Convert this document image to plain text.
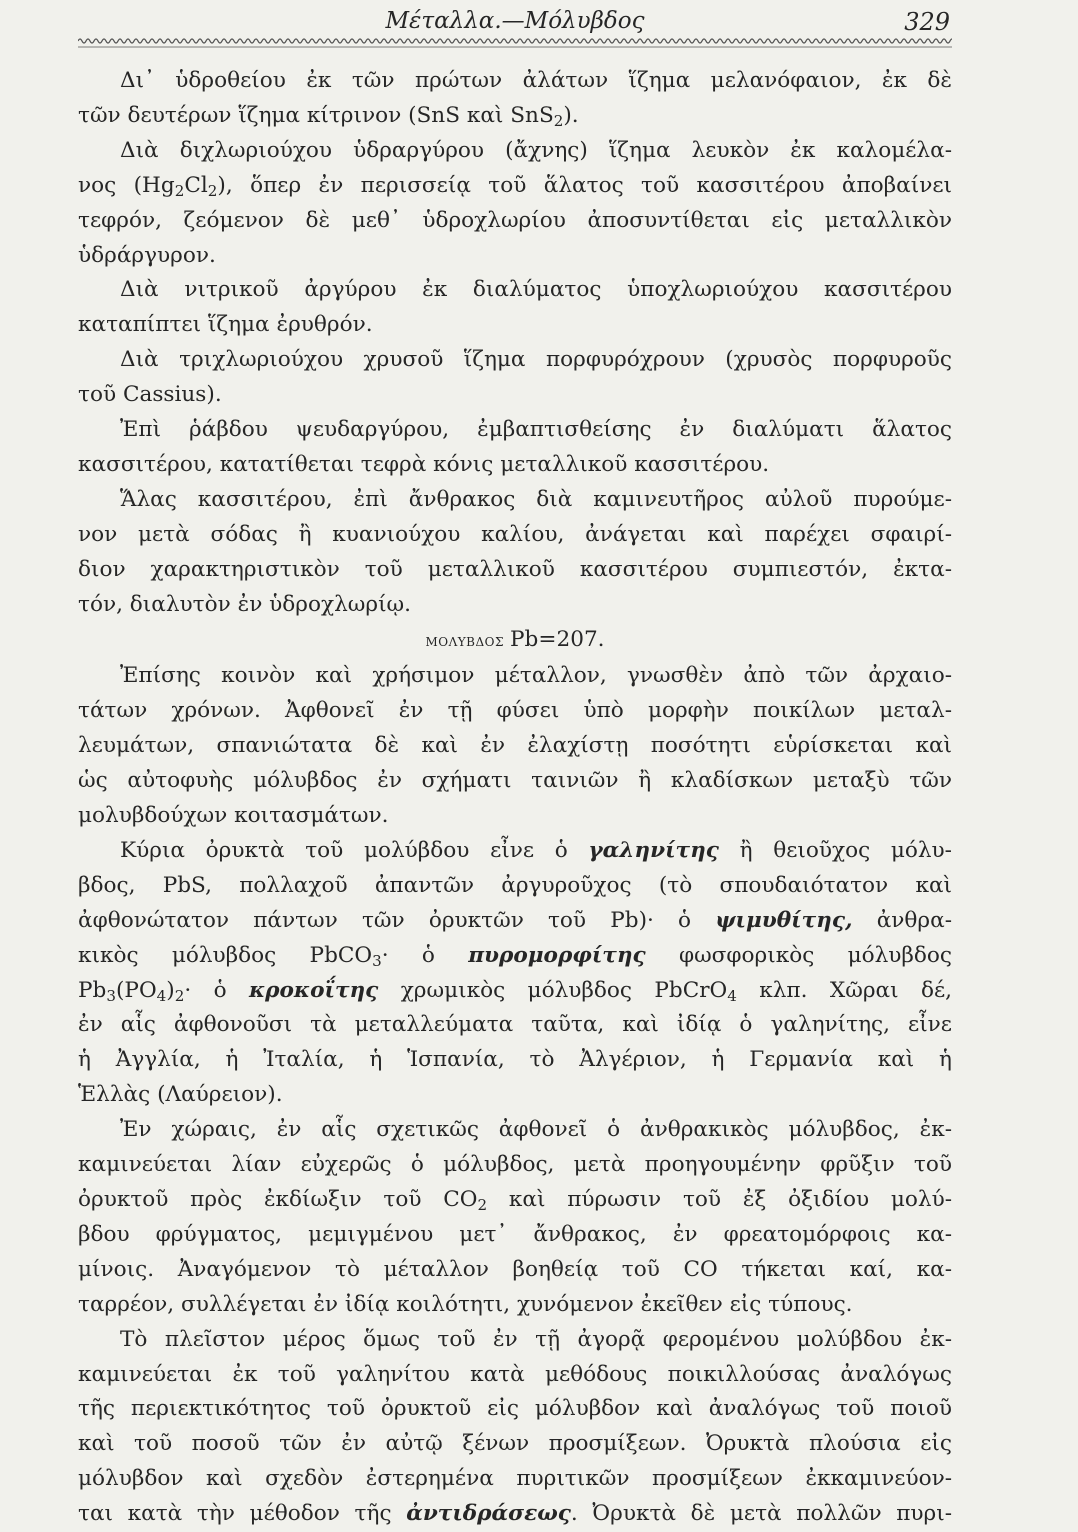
Μέταλλα.—Μόλυβδος	329

Δι᾽ ὑδροθείου ἐκ τῶν πρώτων ἀλάτων ἵζημα μελανόφαιον, ἐκ δὲ

τῶν δευτέρων ἵζημα κίτρινον (SnS καὶ SnS$_2$).

Διὰ διχλωριούχου ὑδραργύρου (ἄχνης) ἵζημα λευκὸν ἐκ καλομέλα-

νος $(Hg_2Cl_2)$, ὅπερ ἐν περισσείᾳ τοῦ ἅλατος τοῦ κασσιτέρου ἀποβαίνει

τεφρόν, ζεόμενον δὲ μεθ᾽ ὑδροχλωρίου ἀποσυντίθεται εἰς μεταλλικὸν

ὑδράργυρον.

Διὰ νιτρικοῦ ἀργύρου ἐκ διαλύματος ὑποχλωριούχου κασσιτέρου

καταπίπτει ἵζημα ἐρυθρόν.

Διὰ τριχλωριούχου χρυσοῦ ἵζημα πορφυρόχρουν (χρυσὸς πορφυροῦς

τοῦ Cassius).

Ἐπὶ ῥάβδου ψευδαργύρου, ἐμβαπτισθείσης ἐν διαλύματι ἅλατος

κασσιτέρου, κατατίθεται τεφρὰ κόνις μεταλλικοῦ κασσιτέρου.

Ἅλας κασσιτέρου, ἐπὶ ἄνθρακος διὰ καμινευτῆρος αὐλοῦ πυρούμε-

νον μετὰ σόδας ἢ κυανιούχου καλίου, ἀνάγεται καὶ παρέχει σφαιρί-

διον χαρακτηριστικὸν τοῦ μεταλλικοῦ κασσιτέρου συμπιεστόν, ἐκτα-

τόν, διαλυτὸν ἐν ὑδροχλωρίῳ.

ΜΟΛΥΒΔΟΣ Pb=207.

Ἐπίσης κοινὸν καὶ χρήσιμον μέταλλον, γνωσθὲν ἀπὸ τῶν ἀρχαιο-

τάτων χρόνων. Ἀφθονεῖ ἐν τῇ φύσει ὑπὸ μορφὴν ποικίλων μεταλ-

λευμάτων, σπανιώτατα δὲ καὶ ἐν ἐλαχίστῃ ποσότητι εὑρίσκεται καὶ

ὡς αὐτοφυὴς μόλυβδος ἐν σχήματι ταινιῶν ἢ κλαδίσκων μεταξὺ τῶν

μολυβδούχων κοιτασμάτων.

Κύρια ὀρυκτὰ τοῦ μολύβδου εἶνε ὁ γαληνίτης ἢ θειοῦχος μόλυ-

βδος, PbS, πολλαχοῦ ἀπαντῶν ἀργυροῦχος (τὸ σπουδαιότατον καὶ

ἀφθονώτατον πάντων τῶν ὀρυκτῶν τοῦ Pb)· ὁ ψιμυθίτης, ἀνθρα-

κικὸς μόλυβδος PbCO$_3$· ὁ πυρομορφίτης φωσφορικὸς μόλυβδος

$Pb_3(PO_4)_2\cdot$ ὁ κροκοΐτης χρωμικὸς μόλυβδος PbCrO$_4$ κλπ. Χῶραι δέ,

ἐν αἷς ἀφθονοῦσι τὰ μεταλλεύματα ταῦτα, καὶ ἰδίᾳ ὁ γαληνίτης, εἶνε

ἡ Ἀγγλία, ἡ Ἰταλία, ἡ Ἱσπανία, τὸ Ἀλγέριον, ἡ Γερμανία καὶ ἡ

Ἑλλὰς (Λαύρειον).

Ἐν χώραις, ἐν αἷς σχετικῶς ἀφθονεῖ ὁ ἀνθρακικὸς μόλυβδος, ἐκ-

καμινεύεται λίαν εὐχερῶς ὁ μόλυβδος, μετὰ προηγουμένην φρῦξιν τοῦ

ὀρυκτοῦ πρὸς ἐκδίωξιν τοῦ $CO_2$ καὶ πύρωσιν τοῦ ἐξ ὀξιδίου μολύ-

βδου φρύγματος, μεμιγμένου μετ᾽ ἄνθρακος, ἐν φρεατομόρφοις κα-

μίνοις. Ἀναγόμενον τὸ μέταλλον βοηθείᾳ τοῦ CO τήκεται καί, κα-

ταρρέον, συλλέγεται ἐν ἰδίᾳ κοιλότητι, χυνόμενον ἐκεῖθεν εἰς τύπους.

Τὸ πλεῖστον μέρος ὅμως τοῦ ἐν τῇ ἀγορᾷ φερομένου μολύβδου ἐκ-

καμινεύεται ἐκ τοῦ γαληνίτου κατὰ μεθόδους ποικιλλούσας ἀναλόγως

τῆς περιεκτικότητος τοῦ ὀρυκτοῦ εἰς μόλυβδον καὶ ἀναλόγως τοῦ ποιοῦ

καὶ τοῦ ποσοῦ τῶν ἐν αὐτῷ ξένων προσμίξεων. Ὀρυκτὰ πλούσια εἰς

μόλυβδον καὶ σχεδὸν ἐστερημένα πυριτικῶν προσμίξεων ἐκκαμινεύον-

ται κατὰ τὴν μέθοδον τῆς ἀντιδράσεως. Ὀρυκτὰ δὲ μετὰ πολλῶν πυρι-
